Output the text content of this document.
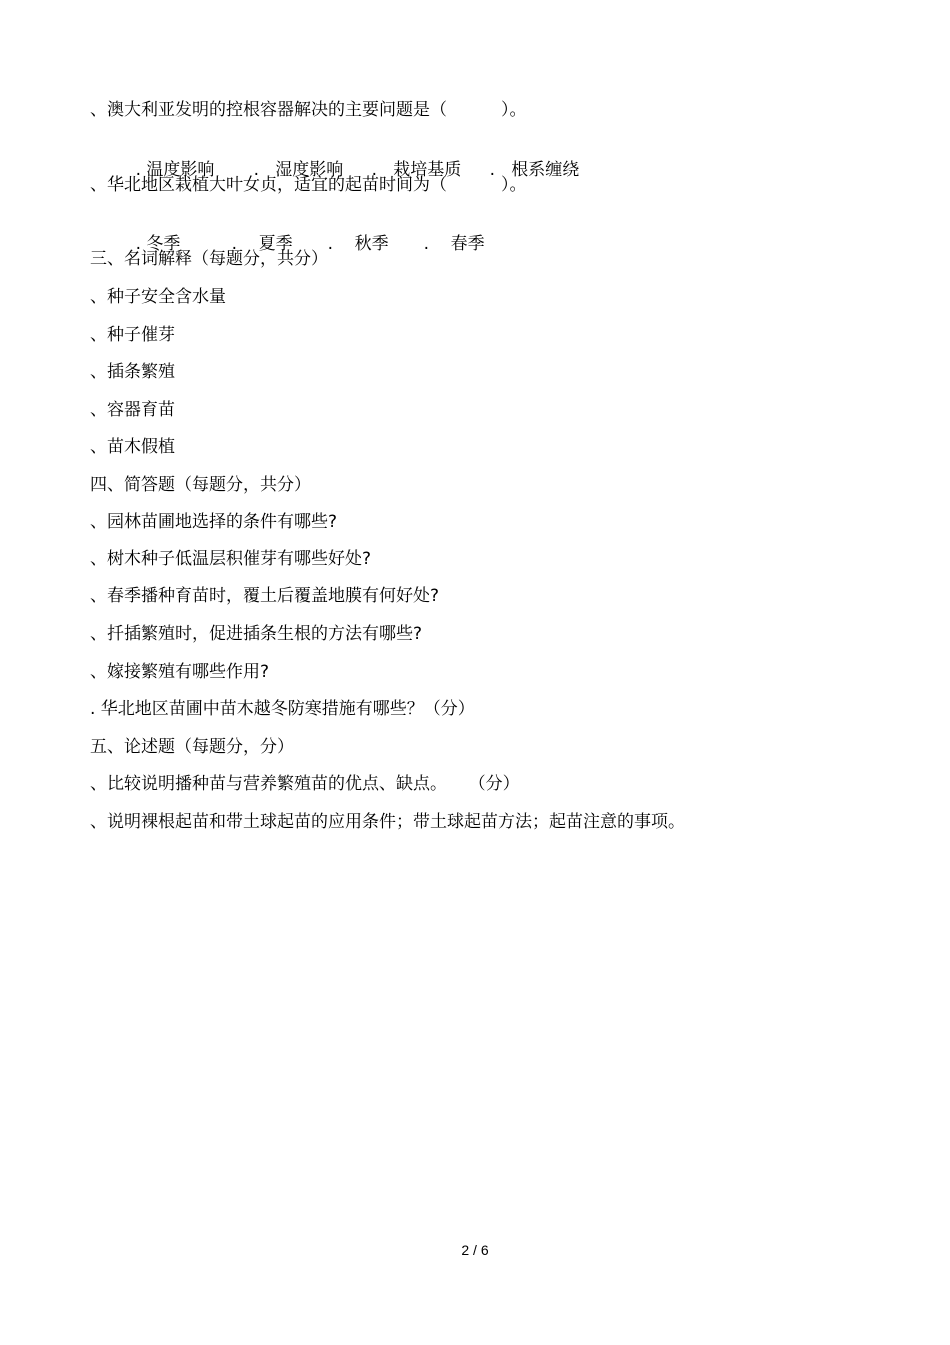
、澳大利亚发明的控根容器解决的主要问题是（          ）。

. 温度影响 .   湿度影响 .   栽培基质 .   根系缠绕

、华北地区栽植大叶女贞，适宜的起苗时间为（          ）。

. 冬季	.    夏季 .    秋季 .    春季

三、名词解释（每题分，共分）
、种子安全含水量
、种子催芽
、插条繁殖
、容器育苗
、苗木假植
四、简答题（每题分，共分）
、园林苗圃地选择的条件有哪些?
、树木种子低温层积催芽有哪些好处?
、春季播种育苗时，覆土后覆盖地膜有何好处?
、扦插繁殖时，促进插条生根的方法有哪些?
、嫁接繁殖有哪些作用?
. 华北地区苗圃中苗木越冬防寒措施有哪些？（分）
五、论述题（每题分，分）
、比较说明播种苗与营养繁殖苗的优点、缺点。    （分）
、说明裸根起苗和带土球起苗的应用条件；带土球起苗方法；起苗注意的事项。
2 / 6
